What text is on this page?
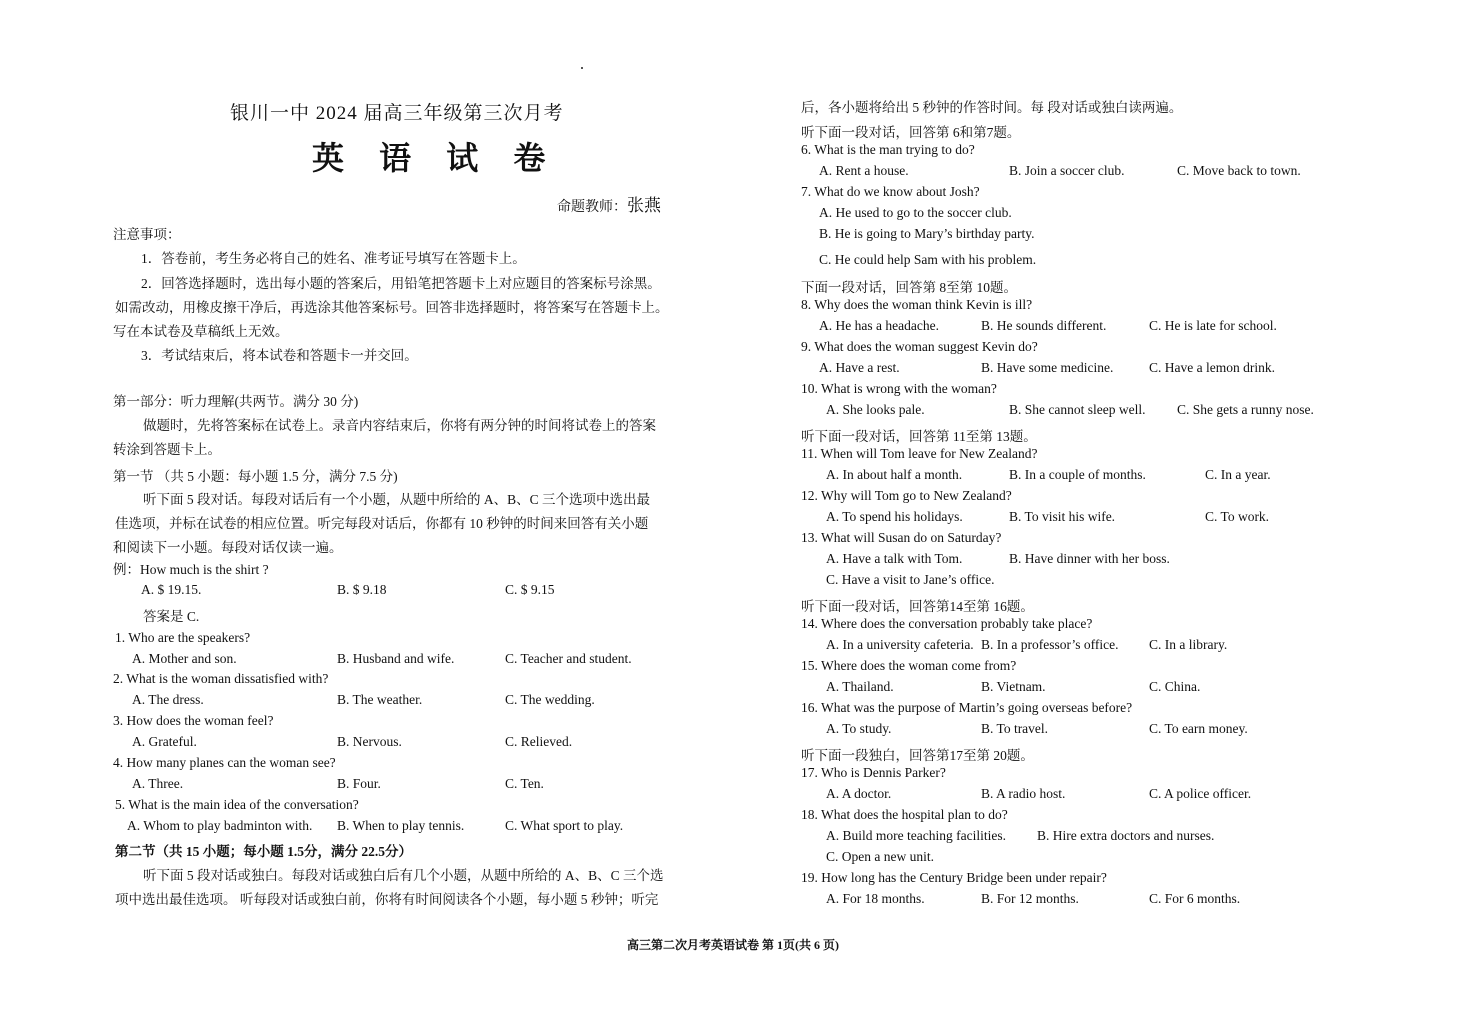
银川一中 2024 届高三年级第三次月考
英 语 试 卷
命题教师：张燕
注意事项：
1．答卷前，考生务必将自己的姓名、准考证号填写在答题卡上。
2．回答选择题时，选出每小题的答案后，用铅笔把答题卡上对应题目的答案标号涂黑。
如需改动，用橡皮擦干净后，再选涂其他答案标号。回答非选择题时，将答案写在答题卡上。
写在本试卷及草稿纸上无效。
3．考试结束后，将本试卷和答题卡一并交回。
第一部分：听力理解(共两节。满分 30 分)
做题时，先将答案标在试卷上。录音内容结束后，你将有两分钟的时间将试卷上的答案
转涂到答题卡上。
第一节 （共 5 小题：每小题 1.5 分，满分 7.5 分)
听下面 5 段对话。每段对话后有一个小题，从题中所给的 A、B、C 三个选项中选出最
佳选项，并标在试卷的相应位置。听完每段对话后，你都有 10 秒钟的时间来回答有关小题
和阅读下一小题。每段对话仅读一遍。
例：How much is the shirt ?
A. $ 19.15.	B. $ 9.18	C. $ 9.15
答案是 C.
1. Who are the speakers?
A. Mother and son.	B. Husband and wife.	C. Teacher and student.
2. What is the woman dissatisfied with?
A. The dress.	B. The weather.	C. The wedding.
3. How does the woman feel?
A. Grateful.	B. Nervous.	C. Relieved.
4. How many planes can the woman see?
A. Three.	B. Four.	C. Ten.
5. What is the main idea of the conversation?
A. Whom to play badminton with. B. When to play tennis.	C. What sport to play.
第二节（共 15 小题；每小题 1.5分，满分 22.5分）
听下面 5 段对话或独白。每段对话或独白后有几个小题，从题中所给的 A、B、C 三个选
项中选出最佳选项。 听每段对话或独白前，你将有时间阅读各个小题，每小题 5 秒钟；听完
后，各小题将给出 5 秒钟的作答时间。每 段对话或独白读两遍。
听下面一段对话，回答第 6和第7题。
6. What is the man trying to do?
A. Rent a house.	B. Join a soccer club.	C. Move back to town.
7. What do we know about Josh?
A. He used to go to the soccer club.
B. He is going to Mary’s birthday party.
C. He could help Sam with his problem.
下面一段对话，回答第 8至第 10题。
8. Why does the woman think Kevin is ill?
A. He has a headache.	B. He sounds different.	C. He is late for school.
9. What does the woman suggest Kevin do?
A. Have a rest.	B. Have some medicine.	C. Have a lemon drink.
10. What is wrong with the woman?
A. She looks pale.	B. She cannot sleep well. C. She gets a runny nose.
听下面一段对话，回答第 11至第 13题。
11. When will Tom leave for New Zealand?
A. In about half a month.	B. In a couple of months.	C. In a year.
12. Why will Tom go to New Zealand?
A. To spend his holidays.	B. To visit his wife.	C. To work.
13. What will Susan do on Saturday?
A. Have a talk with Tom.	B. Have dinner with her boss.
C. Have a visit to Jane’s office.
听下面一段对话，回答第14至第 16题。
14. Where does the conversation probably take place?
A. In a university cafeteria. B. In a professor’s office. C. In a library.
15. Where does the woman come from?
A. Thailand.	B. Vietnam.	C. China.
16. What was the purpose of Martin’s going overseas before?
A. To study.	B. To travel.	C. To earn money.
听下面一段独白，回答第17至第 20题。
17. Who is Dennis Parker?
A. A doctor.	B. A radio host.	C. A police officer.
18. What does the hospital plan to do?
A. Build more teaching facilities. B. Hire extra doctors and nurses.
C. Open a new unit.
19. How long has the Century Bridge been under repair?
A. For 18 months.	B. For 12 months.	C. For 6 months.
高三第二次月考英语试卷 第 1页(共 6 页)
